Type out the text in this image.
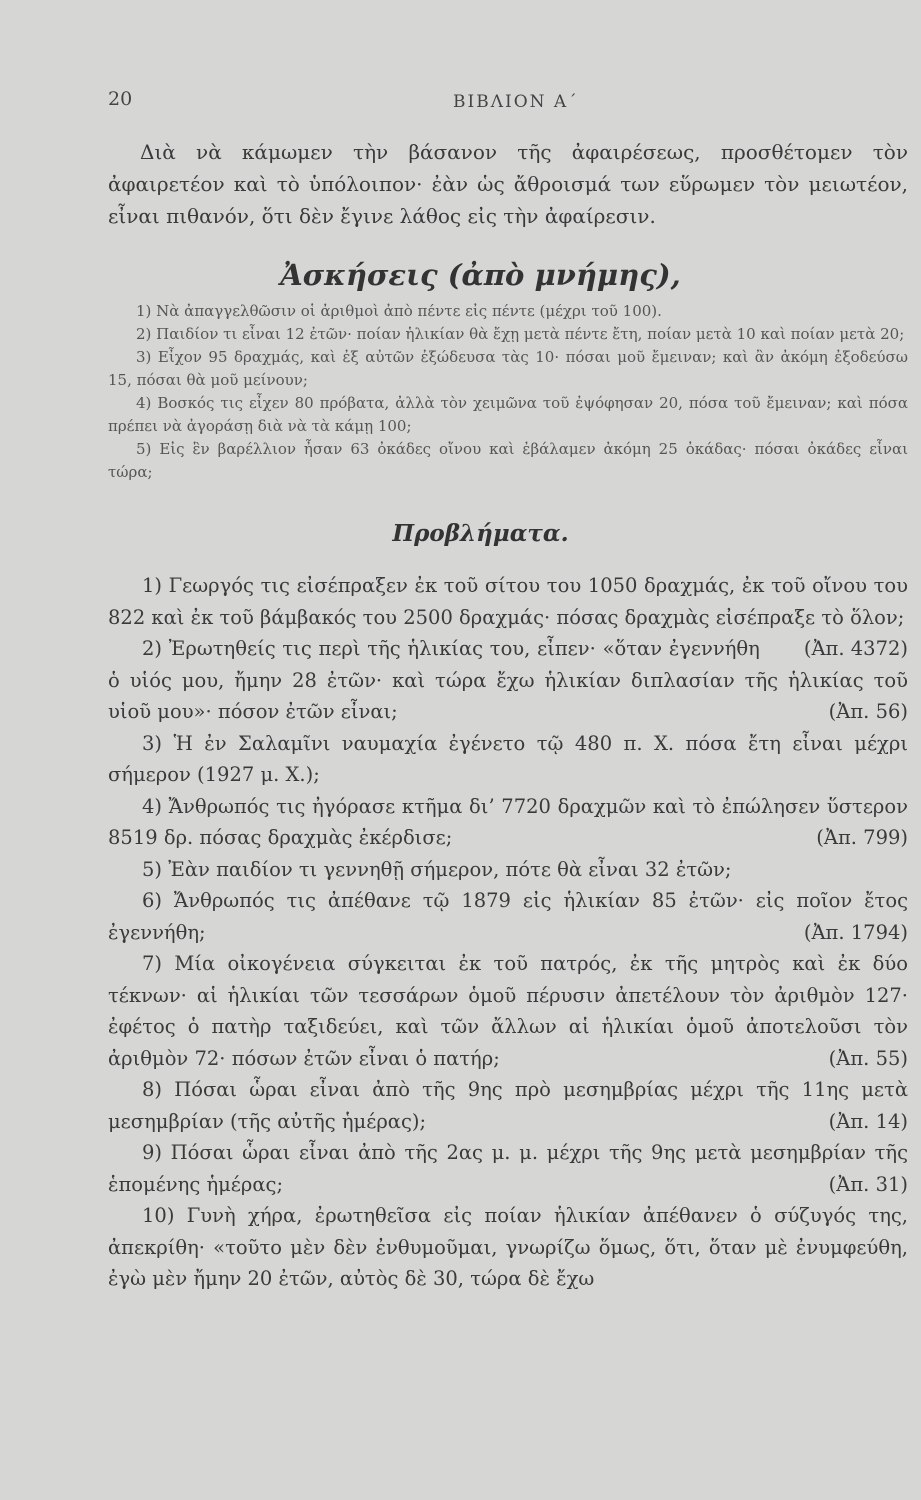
20	ΒΙΒΛΙΟΝ Α΄

Διὰ νὰ κάμωμεν τὴν βάσανον τῆς ἀφαιρέσεως, προσθέτομεν τὸν ἀφαιρετέον καὶ τὸ ὑπόλοιπον· ἐὰν ὡς ἄθροισμά των εὕρωμεν τὸν μειωτέον, εἶναι πιθανόν, ὅτι δὲν ἔγινε λάθος εἰς τὴν ἀφαίρεσιν.

Ἀσκήσεις (ἀπὸ μνήμης),

1) Νὰ ἀπαγγελθῶσιν οἱ ἀριθμοὶ ἀπὸ πέντε εἰς πέντε (μέχρι τοῦ 100).

2) Παιδίον τι εἶναι 12 ἐτῶν· ποίαν ἡλικίαν θὰ ἔχῃ μετὰ πέντε ἔτη, ποίαν μετὰ 10 καὶ ποίαν μετὰ 20;

3) Εἶχον 95 δραχμάς, καὶ ἐξ αὐτῶν ἐξώδευσα τὰς 10· πόσαι μοῦ ἔμειναν; καὶ ἂν ἀκόμη ἐξοδεύσω 15, πόσαι θὰ μοῦ μείνουν;

4) Βοσκός τις εἶχεν 80 πρόβατα, ἀλλὰ τὸν χειμῶνα τοῦ ἐψόφησαν 20, πόσα τοῦ ἔμειναν; καὶ πόσα πρέπει νὰ ἀγοράσῃ διὰ νὰ τὰ κάμῃ 100;

5) Εἰς ἓν βαρέλλιον ἦσαν 63 ὀκάδες οἴνου καὶ ἐβάλαμεν ἀκόμη 25 ὀκάδας· πόσαι ὀκάδες εἶναι τώρα;

Προβλήματα.

1) Γεωργός τις εἰσέπραξεν ἐκ τοῦ σίτου του 1050 δραχμάς, ἐκ τοῦ οἴνου του 822 καὶ ἐκ τοῦ βάμβακός του 2500 δραχμάς· πόσας δραχμὰς εἰσέπραξε τὸ ὅλον;
(Ἀπ. 4372)

2) Ἐρωτηθείς τις περὶ τῆς ἡλικίας του, εἶπεν· «ὅταν ἐγεννήθη ὁ υἱός μου, ἤμην 28 ἐτῶν· καὶ τώρα ἔχω ἡλικίαν διπλασίαν τῆς ἡλικίας τοῦ υἱοῦ μου»· πόσον ἐτῶν εἶναι;	(Ἀπ. 56)

3) Ἡ ἐν Σαλαμῖνι ναυμαχία ἐγένετο τῷ 480 π. Χ. πόσα ἔτη εἶναι μέχρι σήμερον (1927 μ. Χ.);

4) Ἄνθρωπός τις ἠγόρασε κτῆμα δι’ 7720 δραχμῶν καὶ τὸ ἐπώλησεν ὕστερον 8519 δρ. πόσας δραχμὰς ἐκέρδισε;	(Ἀπ. 799)

5) Ἐὰν παιδίον τι γεννηθῇ σήμερον, πότε θὰ εἶναι 32 ἐτῶν;

6) Ἄνθρωπός τις ἀπέθανε τῷ 1879 εἰς ἡλικίαν 85 ἐτῶν· εἰς ποῖον ἔτος ἐγεννήθη;	(Ἀπ. 1794)

7) Μία οἰκογένεια σύγκειται ἐκ τοῦ πατρός, ἐκ τῆς μητρὸς καὶ ἐκ δύο τέκνων· αἱ ἡλικίαι τῶν τεσσάρων ὁμοῦ πέρυσιν ἀπετέλουν τὸν ἀριθμὸν 127· ἐφέτος ὁ πατὴρ ταξιδεύει, καὶ τῶν ἄλλων αἱ ἡλικίαι ὁμοῦ ἀποτελοῦσι τὸν ἀριθμὸν 72· πόσων ἐτῶν εἶναι ὁ πατήρ;	(Ἀπ. 55)

8) Πόσαι ὧραι εἶναι ἀπὸ τῆς 9ης πρὸ μεσημβρίας μέχρι τῆς 11ης μετὰ μεσημβρίαν (τῆς αὐτῆς ἡμέρας);	(Ἀπ. 14)

9) Πόσαι ὧραι εἶναι ἀπὸ τῆς 2ας μ. μ. μέχρι τῆς 9ης μετὰ μεσημβρίαν τῆς ἑπομένης ἡμέρας;	(Ἀπ. 31)

10) Γυνὴ χήρα, ἐρωτηθεῖσα εἰς ποίαν ἡλικίαν ἀπέθανεν ὁ σύζυγός της, ἀπεκρίθη· «τοῦτο μὲν δὲν ἐνθυμοῦμαι, γνωρίζω ὅμως, ὅτι, ὅταν μὲ ἐνυμφεύθη, ἐγὼ μὲν ἤμην 20 ἐτῶν, αὐτὸς δὲ 30, τώρα δὲ ἔχω
